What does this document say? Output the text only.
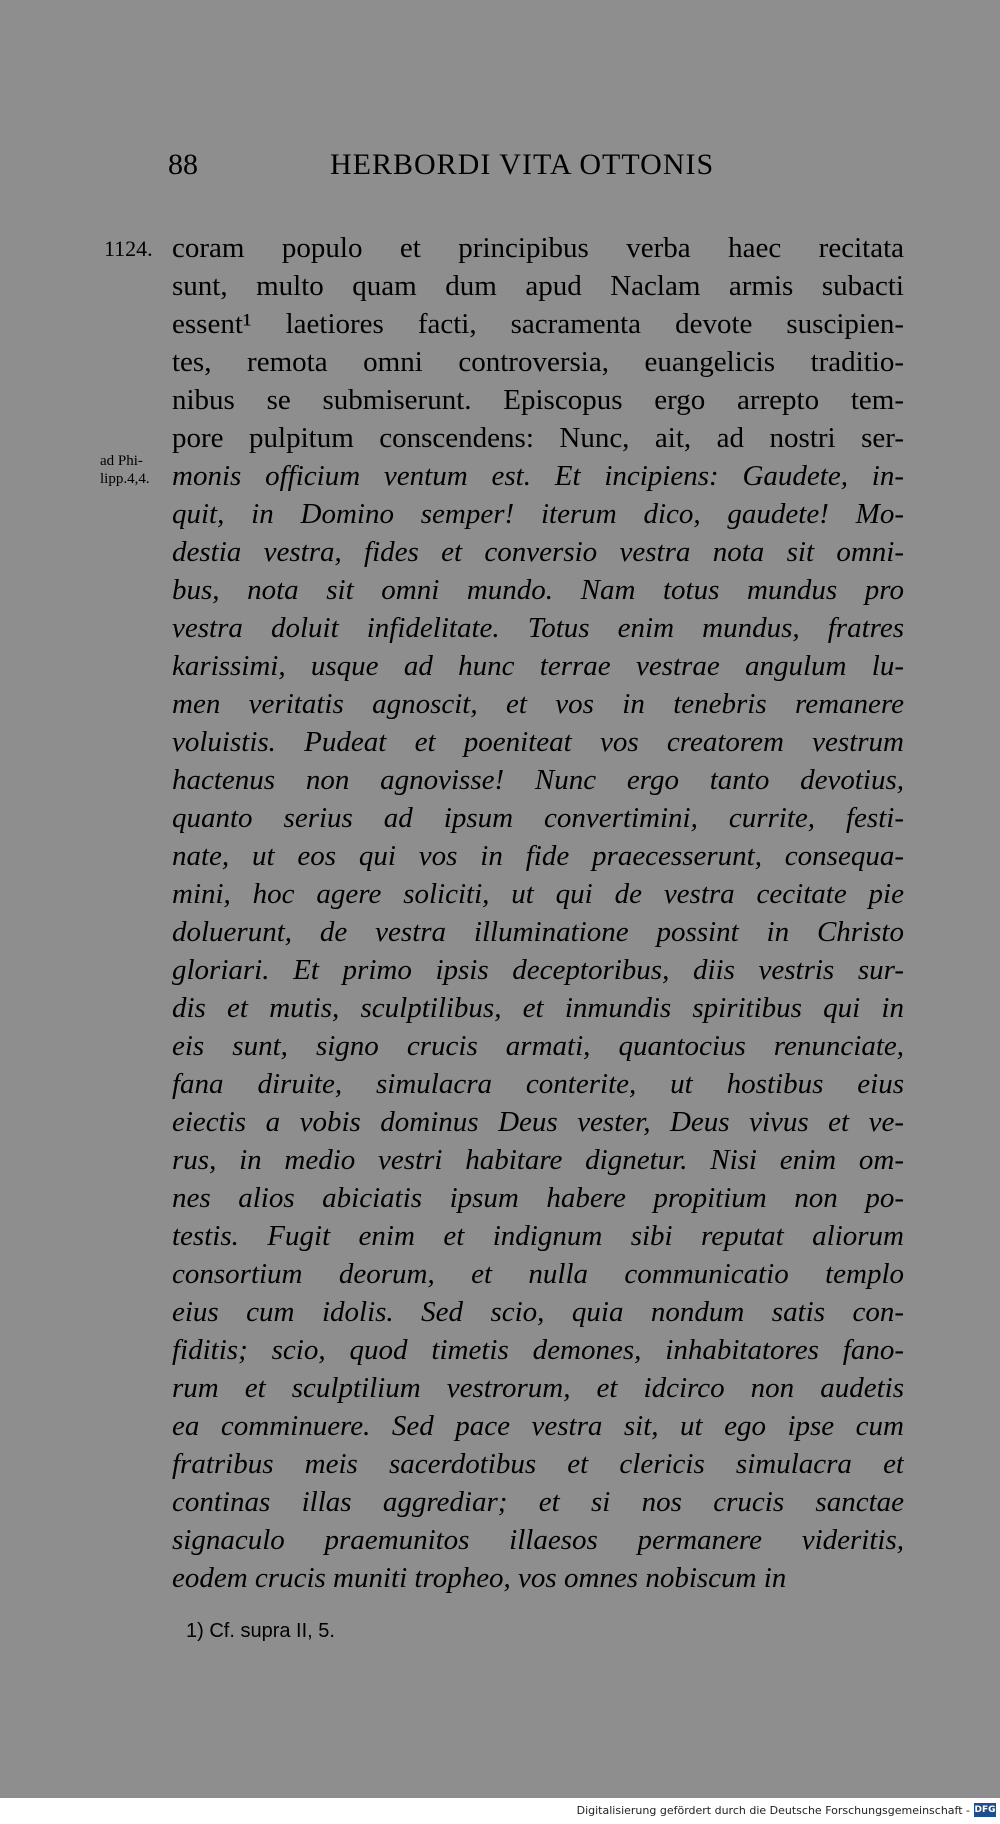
88	HERBORDI VITA OTTONIS
1124.
ad Phi-
lipp.4,4.
coram populo et principibus verba haec recitata
sunt, multo quam dum apud Naclam armis subacti
essent¹ laetiores facti, sacramenta devote suscipien-
tes, remota omni controversia, euangelicis traditio-
nibus se submiserunt. Episcopus ergo arrepto tem-
pore pulpitum conscendens: Nunc, ait, ad nostri ser-
monis officium ventum est. Et incipiens: Gaudete, in-
quit, in Domino semper! iterum dico, gaudete! Mo-
destia vestra, fides et conversio vestra nota sit omni-
bus, nota sit omni mundo. Nam totus mundus pro
vestra doluit infidelitate. Totus enim mundus, fratres
karissimi, usque ad hunc terrae vestrae angulum lu-
men veritatis agnoscit, et vos in tenebris remanere
voluistis. Pudeat et poeniteat vos creatorem vestrum
hactenus non agnovisse! Nunc ergo tanto devotius,
quanto serius ad ipsum convertimini, currite, festi-
nate, ut eos qui vos in fide praecesserunt, consequa-
mini, hoc agere soliciti, ut qui de vestra cecitate pie
doluerunt, de vestra illuminatione possint in Christo
gloriari. Et primo ipsis deceptoribus, diis vestris sur-
dis et mutis, sculptilibus, et inmundis spiritibus qui in
eis sunt, signo crucis armati, quantocius renunciate,
fana diruite, simulacra conterite, ut hostibus eius
eiectis a vobis dominus Deus vester, Deus vivus et ve-
rus, in medio vestri habitare dignetur. Nisi enim om-
nes alios abiciatis ipsum habere propitium non po-
testis. Fugit enim et indignum sibi reputat aliorum
consortium deorum, et nulla communicatio templo
eius cum idolis. Sed scio, quia nondum satis con-
fiditis; scio, quod timetis demones, inhabitatores fano-
rum et sculptilium vestrorum, et idcirco non audetis
ea comminuere. Sed pace vestra sit, ut ego ipse cum
fratribus meis sacerdotibus et clericis simulacra et
continas illas aggrediar; et si nos crucis sanctae
signaculo praemunitos illaesos permanere videritis,
eodem crucis muniti tropheo, vos omnes nobiscum in
1) Cf. supra II, 5.
Digitalisierung gefördert durch die Deutsche Forschungsgemeinschaft - DFG
